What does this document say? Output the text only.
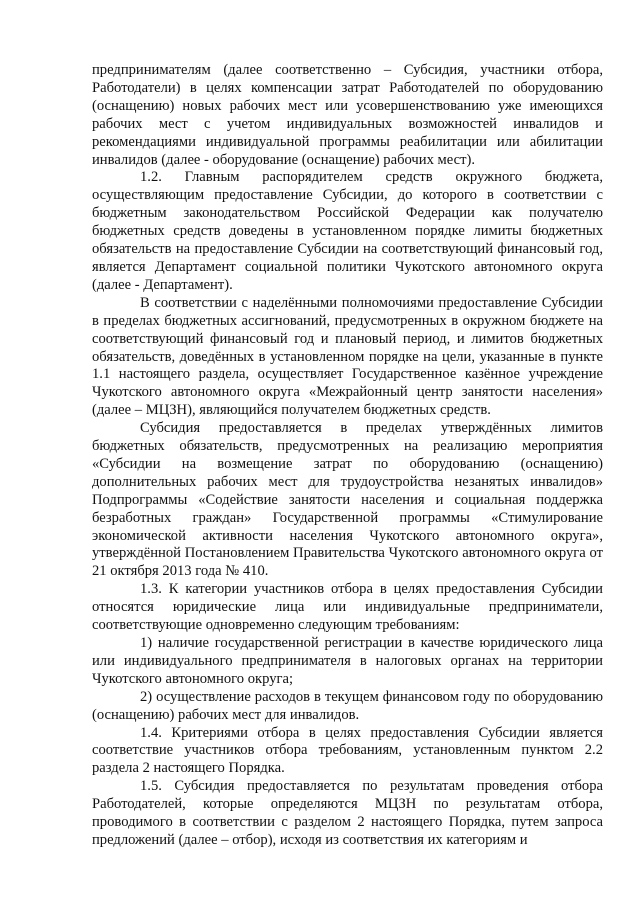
предпринимателям (далее соответственно – Субсидия, участники отбора, Работодатели) в целях компенсации затрат Работодателей по оборудованию (оснащению) новых рабочих мест или усовершенствованию уже имеющихся рабочих мест с учетом индивидуальных возможностей инвалидов и рекомендациями индивидуальной программы реабилитации или абилитации инвалидов (далее - оборудование (оснащение) рабочих мест).

1.2. Главным распорядителем средств окружного бюджета, осуществляющим предоставление Субсидии, до которого в соответствии с бюджетным законодательством Российской Федерации как получателю бюджетных средств доведены в установленном порядке лимиты бюджетных обязательств на предоставление Субсидии на соответствующий финансовый год, является Департамент социальной политики Чукотского автономного округа (далее - Департамент).

В соответствии с наделёнными полномочиями предоставление Субсидии в пределах бюджетных ассигнований, предусмотренных в окружном бюджете на соответствующий финансовый год и плановый период, и лимитов бюджетных обязательств, доведённых в установленном порядке на цели, указанные в пункте 1.1 настоящего раздела, осуществляет Государственное казённое учреждение Чукотского автономного округа «Межрайонный центр занятости населения» (далее – МЦЗН), являющийся получателем бюджетных средств.

Субсидия предоставляется в пределах утверждённых лимитов бюджетных обязательств, предусмотренных на реализацию мероприятия «Субсидии на возмещение затрат по оборудованию (оснащению) дополнительных рабочих мест для трудоустройства незанятых инвалидов» Подпрограммы «Содействие занятости населения и социальная поддержка безработных граждан» Государственной программы «Стимулирование экономической активности населения Чукотского автономного округа», утверждённой Постановлением Правительства Чукотского автономного округа от 21 октября 2013 года № 410.

1.3. К категории участников отбора в целях предоставления Субсидии относятся юридические лица или индивидуальные предприниматели, соответствующие одновременно следующим требованиям:

1) наличие государственной регистрации в качестве юридического лица или индивидуального предпринимателя в налоговых органах на территории Чукотского автономного округа;

2) осуществление расходов в текущем финансовом году по оборудованию (оснащению) рабочих мест для инвалидов.

1.4. Критериями отбора в целях предоставления Субсидии является соответствие участников отбора требованиям, установленным пунктом 2.2 раздела 2 настоящего Порядка.

1.5. Субсидия предоставляется по результатам проведения отбора Работодателей, которые определяются МЦЗН по результатам отбора, проводимого в соответствии с разделом 2 настоящего Порядка, путем запроса предложений (далее – отбор), исходя из соответствия их категориям и
